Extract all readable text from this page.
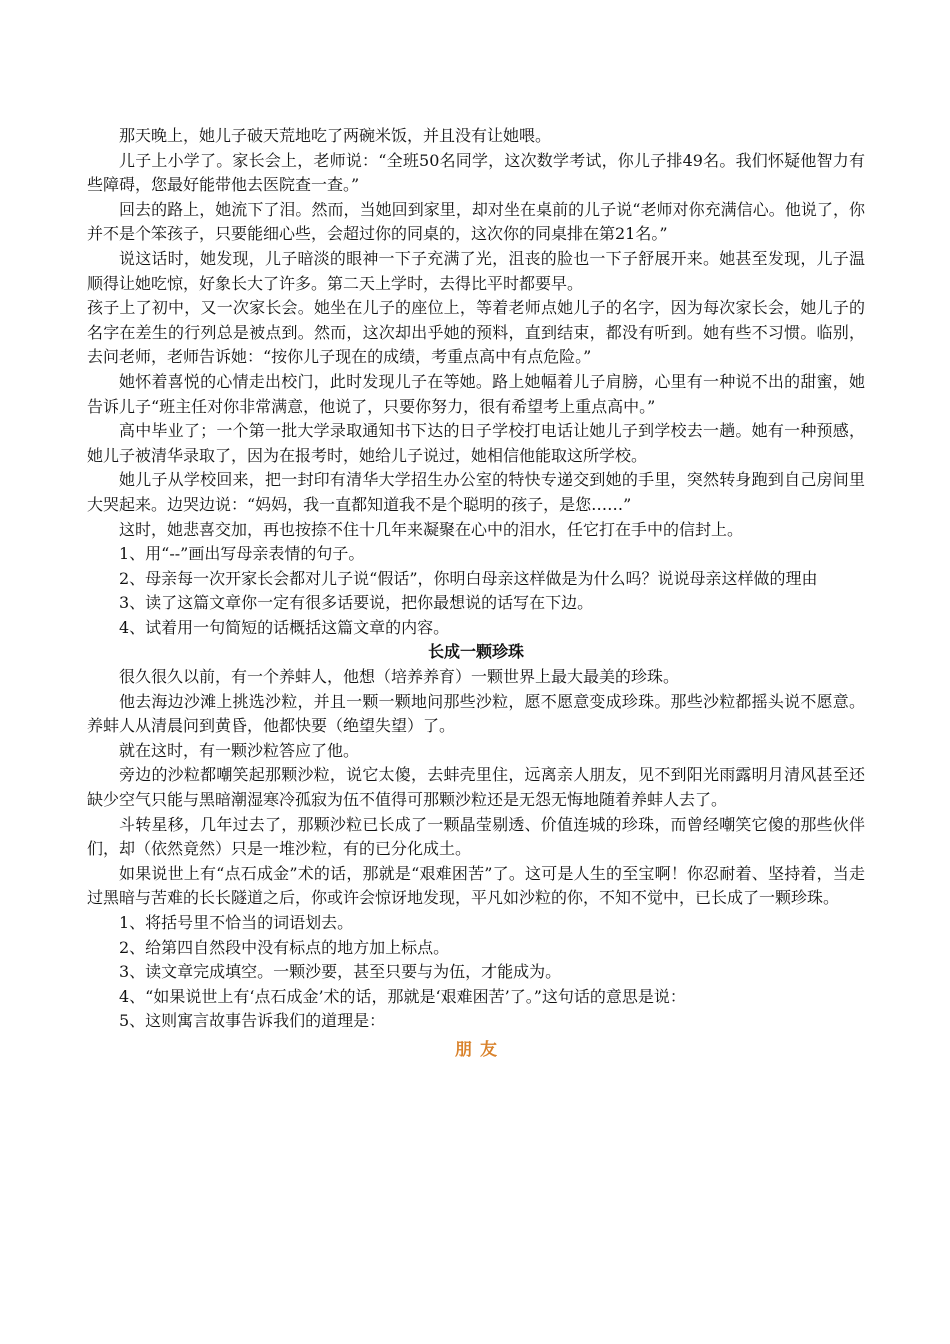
那天晚上，她儿子破天荒地吃了两碗米饭，并且没有让她喂。

儿子上小学了。家长会上，老师说：“全班50名同学，这次数学考试，你儿子排49名。我们怀疑他智力有些障碍，您最好能带他去医院查一查。”

回去的路上，她流下了泪。然而，当她回到家里，却对坐在桌前的儿子说“老师对你充满信心。他说了，你并不是个笨孩子，只要能细心些，会超过你的同桌的，这次你的同桌排在第21名。”

说这话时，她发现，儿子暗淡的眼神一下子充满了光，沮丧的脸也一下子舒展开来。她甚至发现，儿子温顺得让她吃惊，好象长大了许多。第二天上学时，去得比平时都要早。

孩子上了初中，又一次家长会。她坐在儿子的座位上，等着老师点她儿子的名字，因为每次家长会，她儿子的名字在差生的行列总是被点到。然而，这次却出乎她的预料，直到结束，都没有听到。她有些不习惯。临别，去问老师，老师告诉她：“按你儿子现在的成绩，考重点高中有点危险。”

她怀着喜悦的心情走出校门，此时发现儿子在等她。路上她幅着儿子肩膀，心里有一种说不出的甜蜜，她告诉儿子“班主任对你非常满意，他说了，只要你努力，很有希望考上重点高中。”

高中毕业了；一个第一批大学录取通知书下达的日子学校打电话让她儿子到学校去一趟。她有一种预感，她儿子被清华录取了，因为在报考时，她给儿子说过，她相信他能取这所学校。

她儿子从学校回来，把一封印有清华大学招生办公室的特快专递交到她的手里，突然转身跑到自己房间里大哭起来。边哭边说：“妈妈，我一直都知道我不是个聪明的孩子，是您……”

这时，她悲喜交加，再也按捺不住十几年来凝聚在心中的泪水，任它打在手中的信封上。

1、用“--”画出写母亲表情的句子。

2、母亲每一次开家长会都对儿子说“假话”，你明白母亲这样做是为什么吗？说说母亲这样做的理由

3、读了这篇文章你一定有很多话要说，把你最想说的话写在下边。

4、试着用一句简短的话概括这篇文章的内容。

长成一颗珍珠

很久很久以前，有一个养蚌人，他想（培养养育）一颗世界上最大最美的珍珠。

他去海边沙滩上挑选沙粒，并且一颗一颗地问那些沙粒，愿不愿意变成珍珠。那些沙粒都摇头说不愿意。养蚌人从清晨问到黄昏，他都快要（绝望失望）了。

就在这时，有一颗沙粒答应了他。

旁边的沙粒都嘲笑起那颗沙粒，说它太傻，去蚌壳里住，远离亲人朋友，见不到阳光雨露明月清风甚至还缺少空气只能与黑暗潮湿寒冷孤寂为伍不值得可那颗沙粒还是无怨无悔地随着养蚌人去了。

斗转星移，几年过去了，那颗沙粒已长成了一颗晶莹剔透、价值连城的珍珠，而曾经嘲笑它傻的那些伙伴们，却（依然竟然）只是一堆沙粒，有的已分化成土。

如果说世上有“点石成金”术的话，那就是“艰难困苦”了。这可是人生的至宝啊！你忍耐着、坚持着，当走过黑暗与苦难的长长隧道之后，你或许会惊讶地发现，平凡如沙粒的你，不知不觉中，已长成了一颗珍珠。

1、将括号里不恰当的词语划去。

2、给第四自然段中没有标点的地方加上标点。

3、读文章完成填空。一颗沙要，甚至只要与为伍，才能成为。

4、“如果说世上有‘点石成金’术的话，那就是‘艰难困苦’了。”这句话的意思是说：

5、这则寓言故事告诉我们的道理是：

朋友
